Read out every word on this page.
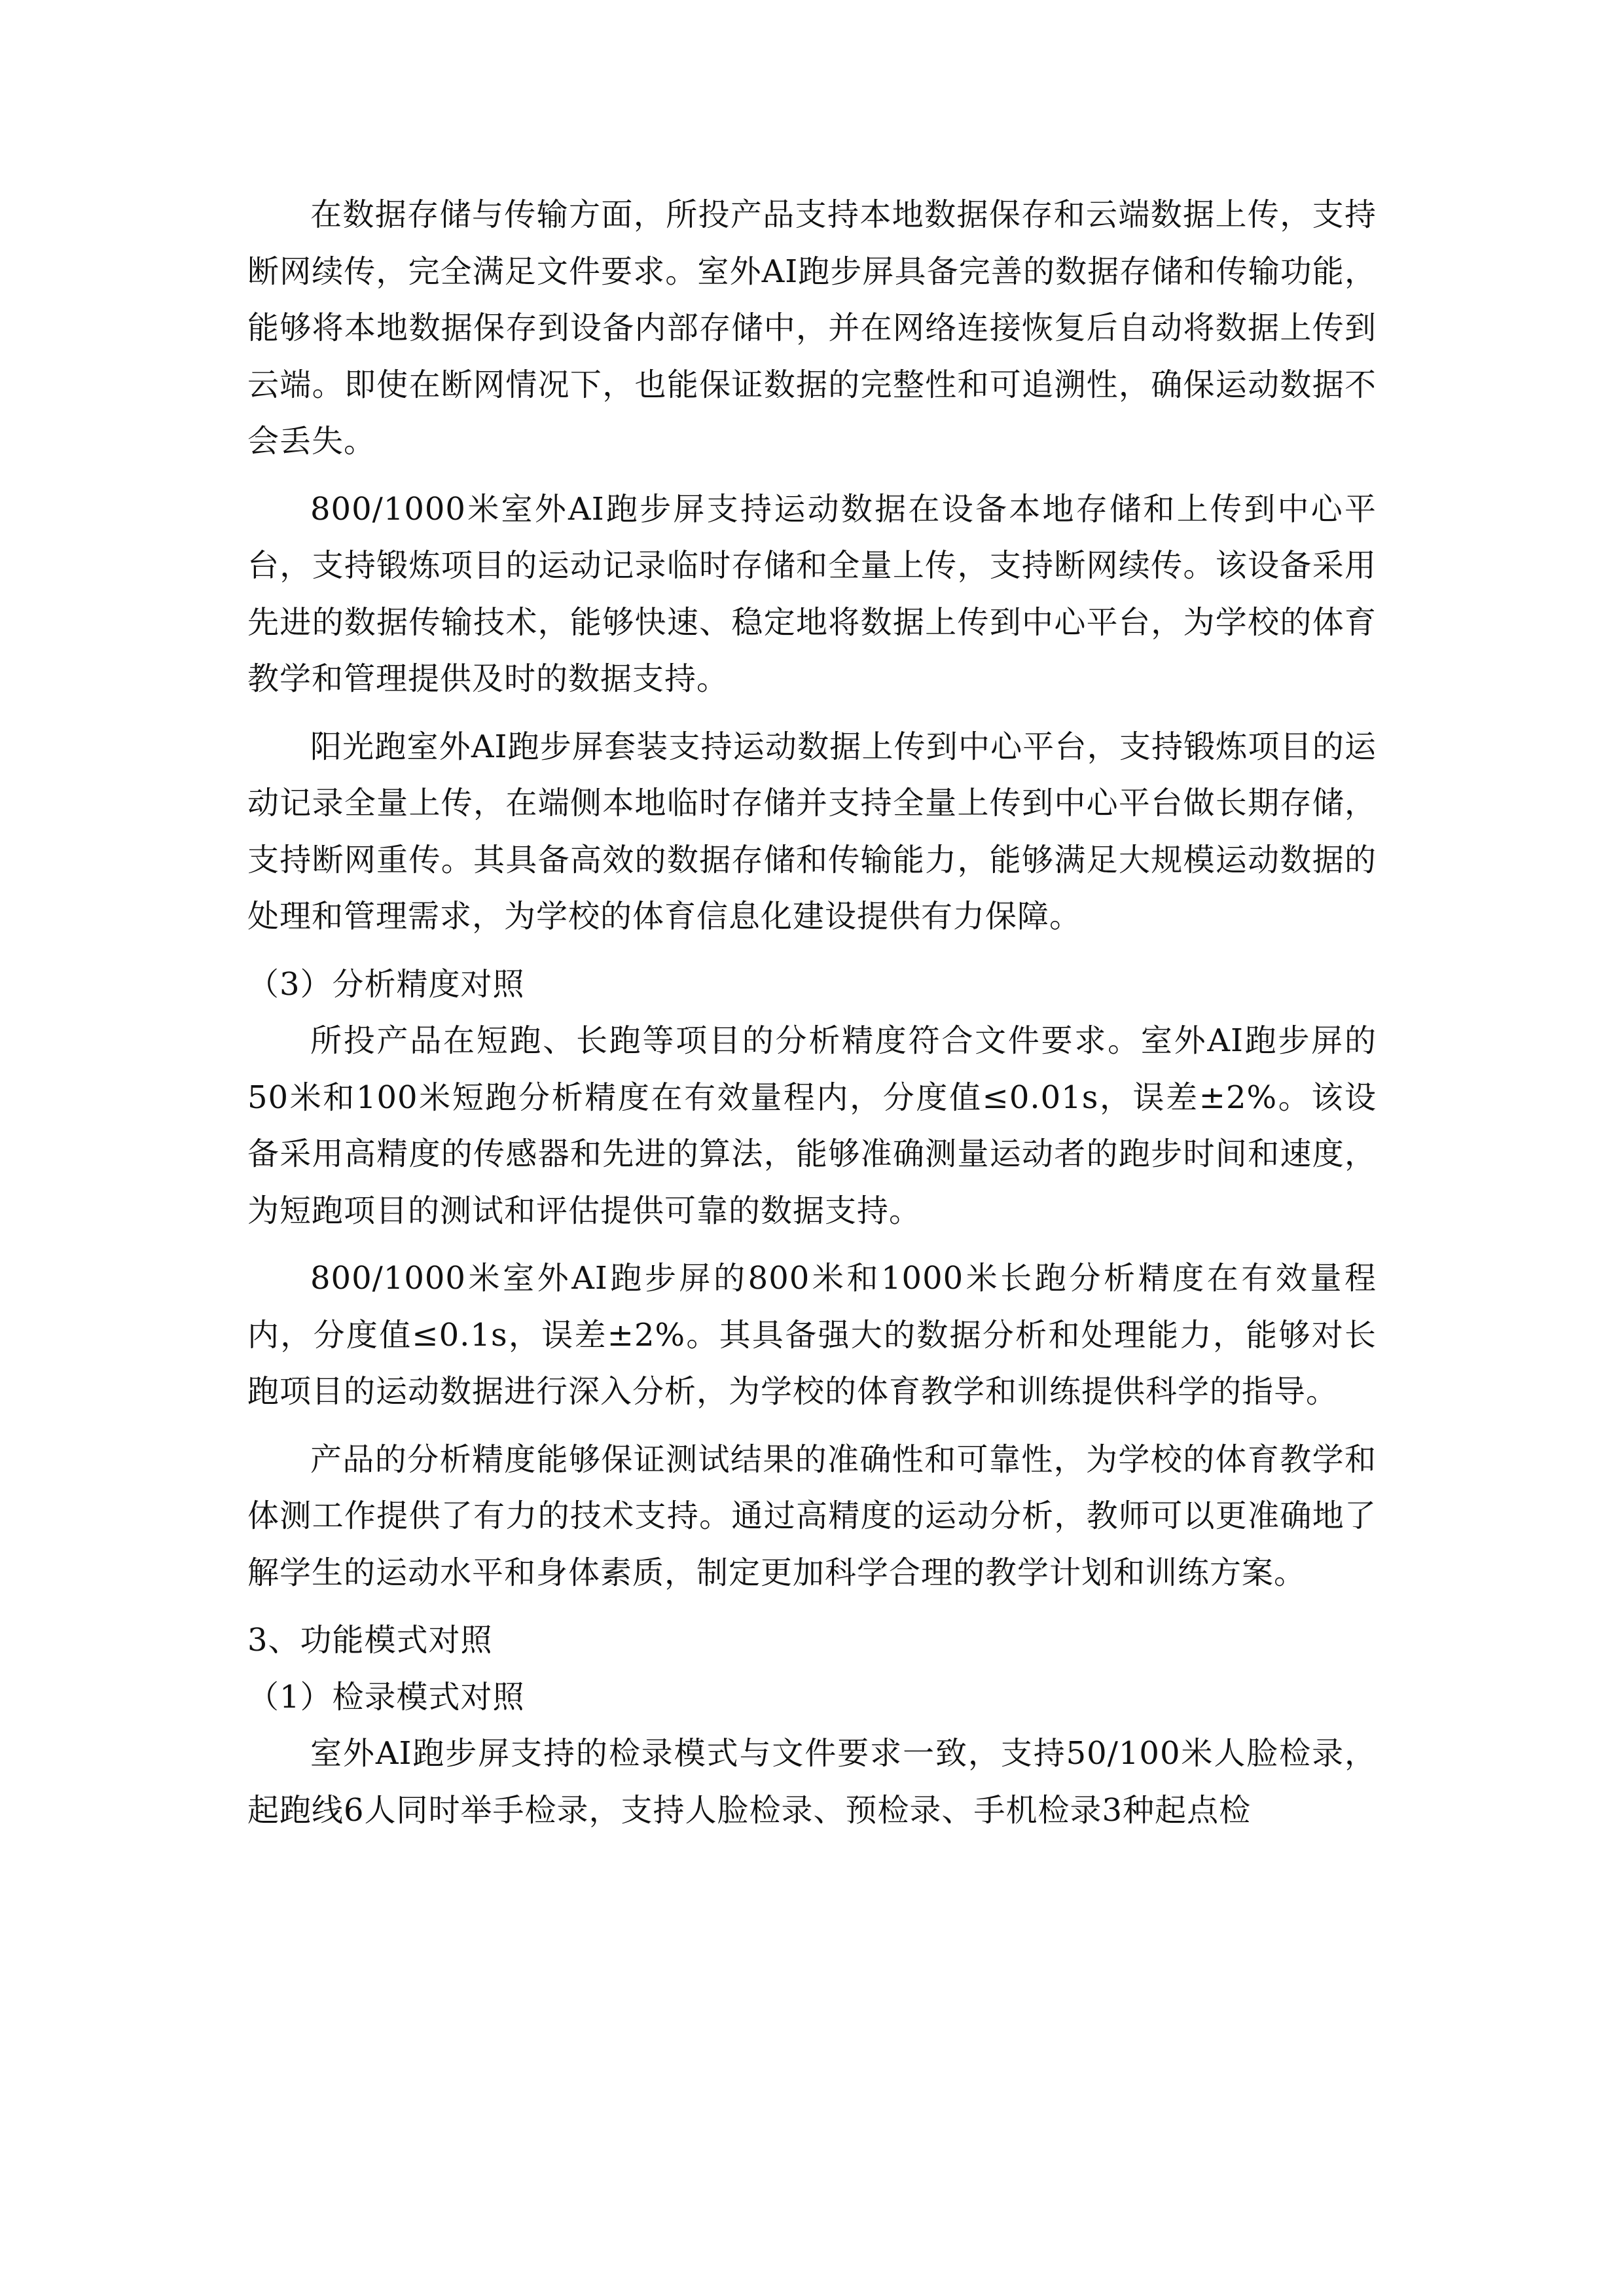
在数据存储与传输方面，所投产品支持本地数据保存和云端数据上传，支持断网续传，完全满足文件要求。室外AI跑步屏具备完善的数据存储和传输功能，能够将本地数据保存到设备内部存储中，并在网络连接恢复后自动将数据上传到云端。即使在断网情况下，也能保证数据的完整性和可追溯性，确保运动数据不会丢失。

800/1000米室外AI跑步屏支持运动数据在设备本地存储和上传到中心平台，支持锻炼项目的运动记录临时存储和全量上传，支持断网续传。该设备采用先进的数据传输技术，能够快速、稳定地将数据上传到中心平台，为学校的体育教学和管理提供及时的数据支持。

阳光跑室外AI跑步屏套装支持运动数据上传到中心平台，支持锻炼项目的运动记录全量上传，在端侧本地临时存储并支持全量上传到中心平台做长期存储，支持断网重传。其具备高效的数据存储和传输能力，能够满足大规模运动数据的处理和管理需求，为学校的体育信息化建设提供有力保障。

（3）分析精度对照

所投产品在短跑、长跑等项目的分析精度符合文件要求。室外AI跑步屏的50米和100米短跑分析精度在有效量程内，分度值≤0.01s，误差±2%。该设备采用高精度的传感器和先进的算法，能够准确测量运动者的跑步时间和速度，为短跑项目的测试和评估提供可靠的数据支持。

800/1000米室外AI跑步屏的800米和1000米长跑分析精度在有效量程内，分度值≤0.1s，误差±2%。其具备强大的数据分析和处理能力，能够对长跑项目的运动数据进行深入分析，为学校的体育教学和训练提供科学的指导。

产品的分析精度能够保证测试结果的准确性和可靠性，为学校的体育教学和体测工作提供了有力的技术支持。通过高精度的运动分析，教师可以更准确地了解学生的运动水平和身体素质，制定更加科学合理的教学计划和训练方案。

3、功能模式对照

（1）检录模式对照

室外AI跑步屏支持的检录模式与文件要求一致，支持50/100米人脸检录，起跑线6人同时举手检录，支持人脸检录、预检录、手机检录3种起点检
